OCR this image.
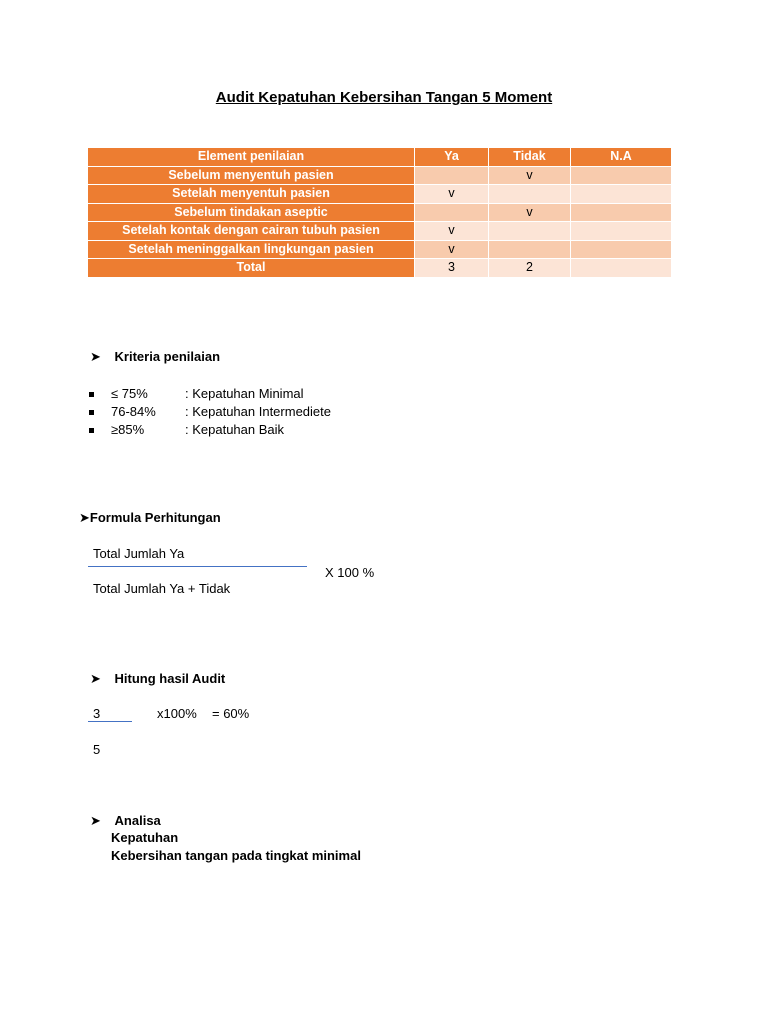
Audit Kepatuhan Kebersihan Tangan 5 Moment
Element penilaian	Ya	Tidak	N.A
Sebelum menyentuh pasien		v	
Setelah menyentuh pasien	v		
Sebelum tindakan aseptic		v	
Setelah kontak dengan cairan tubuh pasien	v		
Setelah meninggalkan lingkungan pasien	v		
Total	3	2	
➤ Kriteria penilaian
≤ 75%	: Kepatuhan Minimal
76-84% : Kepatuhan Intermediete
≥85%	: Kepatuhan Baik
➤Formula Perhitungan
Total Jumlah Ya
X 100 %
Total Jumlah Ya + Tidak
➤ Hitung hasil Audit
3	x100% = 60%
5
➤ Analisa
Kepatuhan
Kebersihan tangan pada tingkat minimal
